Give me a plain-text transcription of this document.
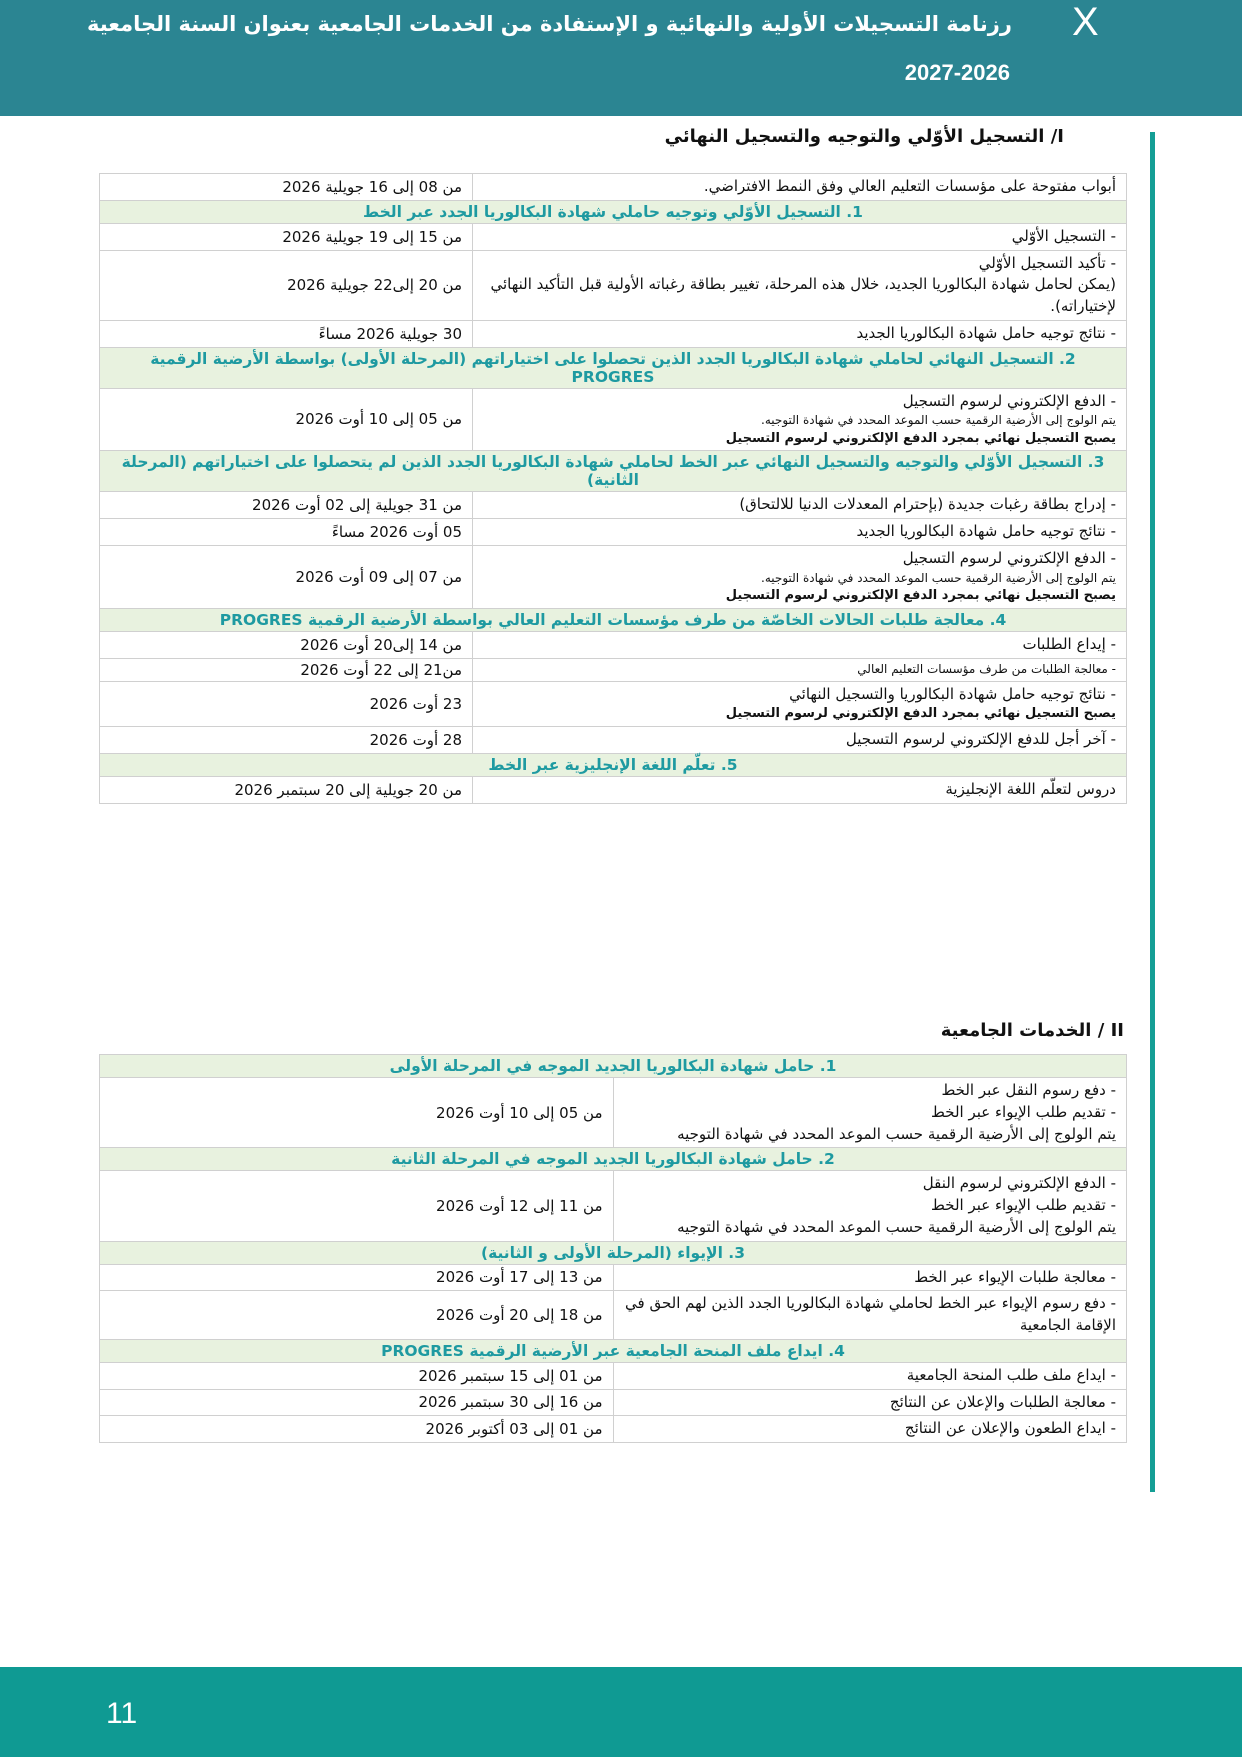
X
رزنامة التسجيلات الأولية والنهائية و الإستفادة من الخدمات الجامعية بعنوان السنة الجامعية
2027-2026
I/ التسجيل الأوّلي والتوجيه والتسجيل النهائي
أبواب مفتوحة على مؤسسات التعليم العالي وفق النمط الافتراضي.	من 08 إلى 16 جويلية 2026
1. التسجيل الأوّلي وتوجيه حاملي شهادة البكالوريا الجدد عبر الخط	

- التسجيل الأوّلي	من 15 إلى 19 جويلية 2026

- تأكيد التسجيل الأوّلي
(يمكن لحامل شهادة البكالوريا الجديد، خلال هذه المرحلة، تغيير بطاقة رغباته الأولية قبل التأكيد النهائي لإختياراته).	من 20 إلى22 جويلية 2026

- نتائج توجيه حامل شهادة البكالوريا الجديد	30 جويلية 2026 مساءً
2. التسجيل النهائي لحاملي شهادة البكالوريا الجدد الذين تحصلوا على اختياراتهم (المرحلة الأولى) بواسطة الأرضية الرقمية PROGRES	

- الدفع الإلكتروني لرسوم التسجيل
يتم الولوج إلى الأرضية الرقمية حسب الموعد المحدد في شهادة التوجيه.
يصبح التسجيل نهائي بمجرد الدفع الإلكتروني لرسوم التسجيل	من 05 إلى 10 أوت 2026
3. التسجيل الأوّلي والتوجيه والتسجيل النهائي عبر الخط لحاملي شهادة البكالوريا الجدد الذين لم يتحصلوا على اختياراتهم (المرحلة الثانية)	

- إدراج بطاقة رغبات جديدة (بإحترام المعدلات الدنيا للالتحاق)	من 31 جويلية إلى 02 أوت 2026

- نتائج توجيه حامل شهادة البكالوريا الجديد	05 أوت 2026 مساءً

- الدفع الإلكتروني لرسوم التسجيل
يتم الولوج إلى الأرضية الرقمية حسب الموعد المحدد في شهادة التوجيه.
يصبح التسجيل نهائي بمجرد الدفع الإلكتروني لرسوم التسجيل	من 07 إلى 09 أوت 2026
4. معالجة طلبات الحالات الخاصّة من طرف مؤسسات التعليم العالي بواسطة الأرضية الرقمية PROGRES	

- إيداع الطلبات	من 14 إلى20 أوت 2026

- معالجة الطلبات من طرف مؤسسات التعليم العالي	من21 إلى 22 أوت 2026

- نتائج توجيه حامل شهادة البكالوريا والتسجيل النهائي
يصبح التسجيل نهائي بمجرد الدفع الإلكتروني لرسوم التسجيل	23 أوت 2026

- آخر أجل للدفع الإلكتروني لرسوم التسجيل	28 أوت 2026
5. تعلّم اللغة الإنجليزية عبر الخط	

دروس لتعلّم اللغة الإنجليزية	من 20 جويلية إلى 20 سبتمبر 2026
II / الخدمات الجامعية
1. حامل شهادة البكالوريا الجديد الموجه في المرحلة الأولى	

- دفع رسوم النقل عبر الخط
- تقديم طلب الإيواء عبر الخط
يتم الولوج إلى الأرضية الرقمية حسب الموعد المحدد في شهادة التوجيه	من 05 إلى 10 أوت 2026
2. حامل شهادة البكالوريا الجديد الموجه في المرحلة الثانية	

- الدفع الإلكتروني لرسوم النقل
- تقديم طلب الإيواء عبر الخط
يتم الولوج إلى الأرضية الرقمية حسب الموعد المحدد في شهادة التوجيه	من 11 إلى 12 أوت 2026
3. الإيواء (المرحلة الأولى و الثانية)	

- معالجة طلبات الإيواء عبر الخط	من 13 إلى 17 أوت 2026

- دفع رسوم الإيواء عبر الخط لحاملي شهادة البكالوريا الجدد الذين لهم الحق في الإقامة الجامعية	من 18 إلى 20 أوت 2026
4. ايداع ملف المنحة الجامعية عبر الأرضية الرقمية PROGRES	

- ايداع ملف طلب المنحة الجامعية	من 01 إلى 15 سبتمبر 2026

- معالجة الطلبات والإعلان عن النتائج	من 16 إلى 30 سبتمبر 2026

- ايداع الطعون والإعلان عن النتائج	من 01 إلى 03 أكتوبر 2026
11
